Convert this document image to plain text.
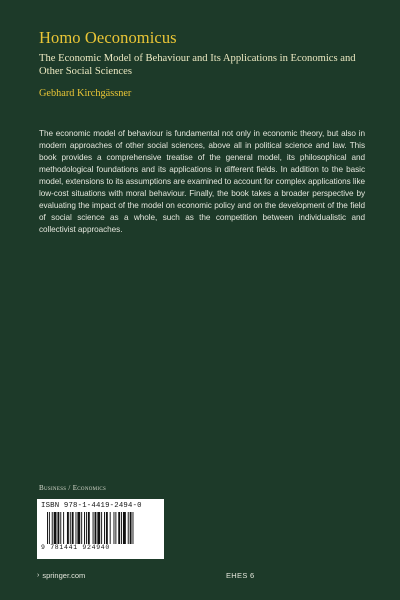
Homo Oeconomicus
The Economic Model of Behaviour and Its Applications in Economics and Other Social Sciences
Gebhard Kirchgässner
The economic model of behaviour is fundamental not only in economic theory, but also in modern approaches of other social sciences, above all in political science and law. This book provides a comprehensive treatise of the general model, its philosophical and methodological foundations and its applications in different fields. In addition to the basic model, extensions to its assumptions are examined to account for complex applications like low-cost situations with moral behaviour. Finally, the book takes a broader perspective by evaluating the impact of the model on economic policy and on the development of the field of social science as a whole, such as the competition between individualistic and collectivist approaches.
Business / Economics
ISBN 978-1-4419-2494-0
9 781441 924940
› springer.com	EHES 6
